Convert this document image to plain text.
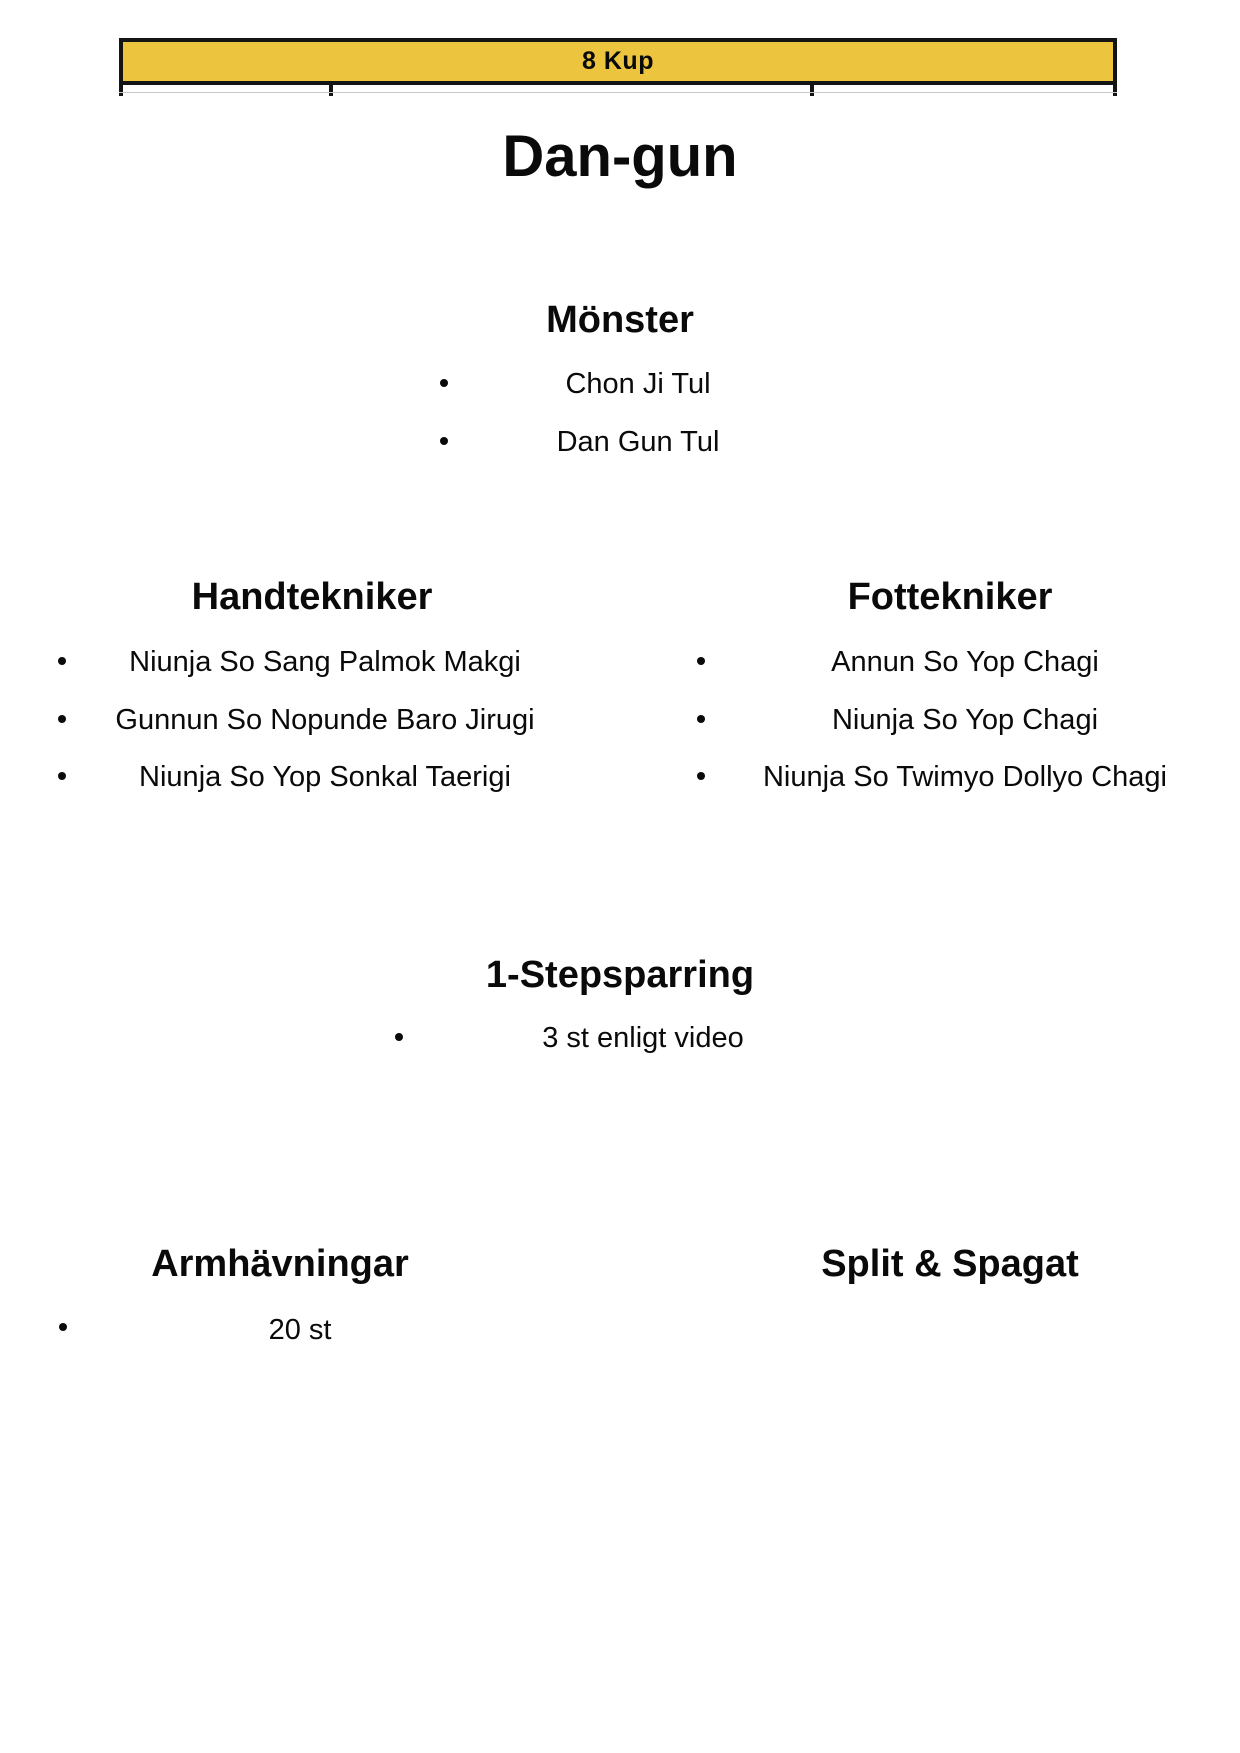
8 Kup
Dan-gun
Mönster
Chon Ji Tul
Dan Gun Tul
Handtekniker
Niunja So Sang Palmok Makgi
Gunnun So Nopunde Baro Jirugi
Niunja So Yop Sonkal Taerigi
Fottekniker
Annun So Yop Chagi
Niunja So Yop Chagi
Niunja So Twimyo Dollyo Chagi
1-Stepsparring
3 st enligt video
Armhävningar	Split & Spagat
20 st
